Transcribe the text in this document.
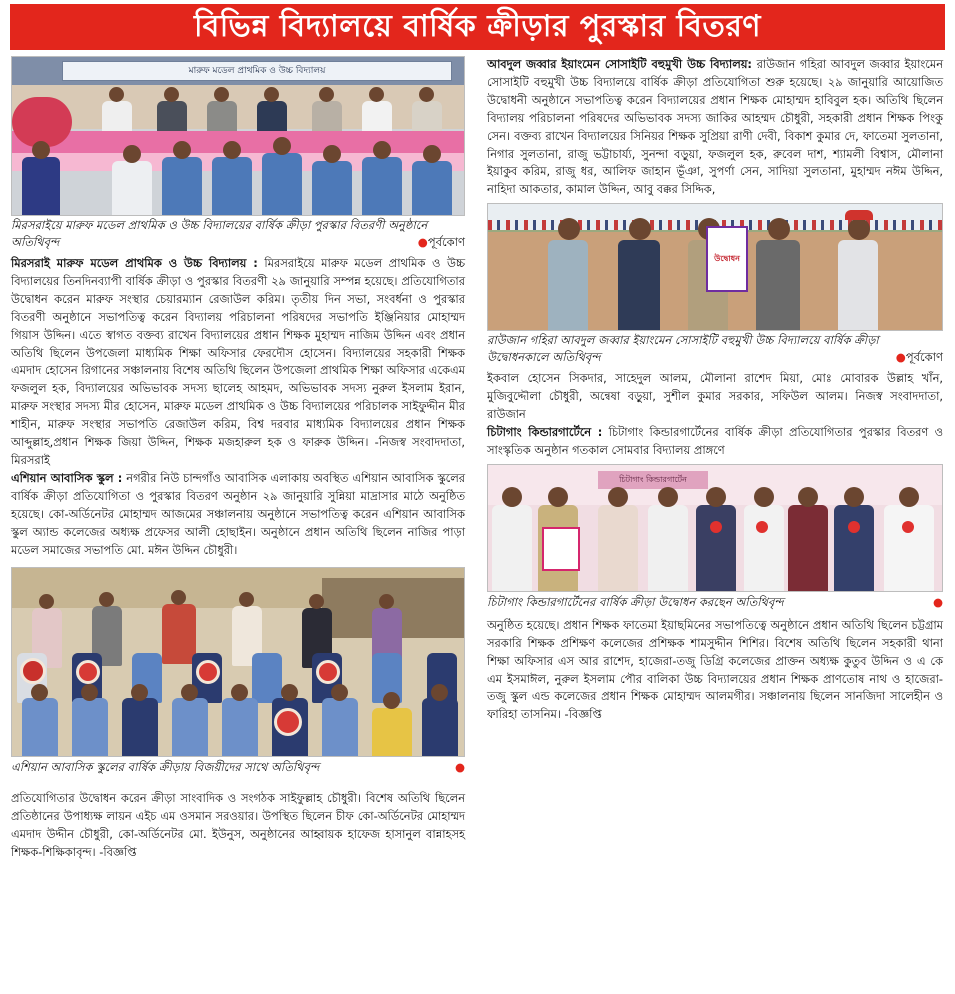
বিভিন্ন বিদ্যালয়ে বার্ষিক ক্রীড়ার পুরস্কার বিতরণ
মারুফ মডেল প্রাথমিক ও উচ্চ বিদ্যালয়
মিরসরাইয়ে মারুফ মডেল প্রাথমিক ও উচ্চ বিদ্যালয়ের বার্ষিক ক্রীড়া পুরস্কার বিতরণী অনুষ্ঠানে অতিথিবৃন্দ	●পূর্বকোণ
মিরসরাই মারুফ মডেল প্রাথমিক ও উচ্চ বিদ্যালয় : মিরসরাইয়ে মারুফ মডেল প্রাথমিক ও উচ্চ বিদ্যালয়ের তিনদিনব্যাপী বার্ষিক ক্রীড়া ও পুরস্কার বিতরণী ২৯ জানুয়ারি সম্পন্ন হয়েছে। প্রতিযোগিতার উদ্বোধন করেন মারুফ সংস্থার চেয়ারম্যান রেজাউল করিম। তৃতীয় দিন সভা, সংবর্ধনা ও পুরস্কার বিতরণী অনুষ্ঠানে সভাপতিত্ব করেন বিদ্যালয় পরিচালনা পরিষদের সভাপতি ইঞ্জিনিয়ার মোহাম্মদ গিয়াস উদ্দিন। এতে স্বাগত বক্তব্য রাখেন বিদ্যালয়ের প্রধান শিক্ষক মুহাম্মদ নাজিম উদ্দিন এবং প্রধান অতিথি ছিলেন উপজেলা মাধ্যমিক শিক্ষা অফিসার ফেরদৌস হোসেন। বিদ্যালয়ের সহকারী শিক্ষক এমদাদ হোসেন রিগানের সঞ্চালনায় বিশেষ অতিথি ছিলেন উপজেলা প্রাথমিক শিক্ষা অফিসার একেএম ফজলুল হক, বিদ্যালয়ের অভিভাবক সদস্য ছালেহ আহমদ, অভিভাবক সদস্য নুরুল ইসলাম ইরান, মারুফ সংস্থার সদস্য মীর হোসেন, মারুফ মডেল প্রাথমিক ও উচ্চ বিদ্যালয়ের পরিচালক সাইফুদ্দীন মীর শাহীন, মারুফ সংস্থার সভাপতি রেজাউল করিম, বিশ্ব দরবার মাধ্যমিক বিদ্যালয়ের প্রধান শিক্ষক আব্দুল্লাহ,প্রধান শিক্ষক জিয়া উদ্দিন, শিক্ষক মজহারুল হক ও ফারুক উদ্দিন। -নিজস্ব সংবাদদাতা, মিরসরাই
এশিয়ান আবাসিক স্কুল : নগরীর নিউ চান্দগাঁও আবাসিক এলাকায় অবস্থিত এশিয়ান আবাসিক স্কুলের বার্ষিক ক্রীড়া প্রতিযোগিতা ও পুরস্কার বিতরণ অনুষ্ঠান ২৯ জানুয়ারি সুন্নিয়া মাদ্রাসার মাঠে অনুষ্ঠিত হয়েছে। কো-অর্ডিনেটর মোহাম্মদ আজমের সঞ্চালনায় অনুষ্ঠানে সভাপতিত্ব করেন এশিয়ান আবাসিক স্কুল অ্যান্ড কলেজের অধ্যক্ষ প্রফেসর আলী হোছাইন। অনুষ্ঠানে প্রধান অতিথি ছিলেন নাজির পাড়া মডেল সমাজের সভাপতি মো. মঈন উদ্দিন চৌধুরী।
এশিয়ান আবাসিক স্কুলের বার্ষিক ক্রীড়ায় বিজয়ীদের সাথে অতিথিবৃন্দ	●
প্রতিযোগিতার উদ্বোধন করেন ক্রীড়া সাংবাদিক ও সংগঠক সাইফুল্লাহ চৌধুরী। বিশেষ অতিথি ছিলেন প্রতিষ্ঠানের উপাধ্যক্ষ লায়ন এইচ এম ওসমান সরওয়ার। উপস্থিত ছিলেন চীফ কো-অর্ডিনেটর মোহাম্মদ এমদাদ উদ্দীন চৌধুরী, কো-অর্ডিনেটর মো. ইউনুস, অনুষ্ঠানের আহ্বায়ক হাফেজ হাসানুল বান্নাহসহ শিক্ষক-শিক্ষিকাবৃন্দ। -বিজ্ঞপ্তি
আবদুল জব্বার ইয়াংমেন সোসাইটি বহুমুখী উচ্চ বিদ্যালয়: রাউজান গহিরা আবদুল জব্বার ইয়াংমেন সোসাইটি বহুমুখী উচ্চ বিদ্যালয়ে বার্ষিক ক্রীড়া প্রতিযোগিতা শুরু হয়েছে। ২৯ জানুয়ারি আয়োজিত উদ্বোধনী অনুষ্ঠানে সভাপতিত্ব করেন বিদ্যালয়ের প্রধান শিক্ষক মোহাম্মদ হাবিবুল হক। অতিথি ছিলেন বিদ্যালয় পরিচালনা পরিষদের অভিভাবক সদস্য জাকির আহম্মদ চৌধুরী, সহকারী প্রধান শিক্ষক পিংকু সেন। বক্তব্য রাখেন বিদ্যালয়ের সিনিয়র শিক্ষক সুপ্রিয়া রাণী দেবী, বিকাশ কুমার দে, ফাতেমা সুলতানা, নিগার সুলতানা, রাজু ভট্টাচার্য্য, সুনন্দা বড়ুয়া, ফজলুল হক, রুবেল দাশ, শ্যামলী বিশ্বাস, মৌলানা ইয়াকুব করিম, রাজু ধর, আলিফ জাহান ভূঁঞা, সুপর্ণা সেন, সাদিয়া সুলতানা, মুহাম্মদ নঈম উদ্দিন, নাহিদা আকতার, কামাল উদ্দিন, আবু বক্কর সিদ্দিক,
উদ্বোধন
রাউজান গহিরা আবদুল জব্বার ইয়াংমেন সোসাইটি বহুমুখী উচ্চ বিদ্যালয়ে বার্ষিক ক্রীড়া উদ্বোধনকালে অতিথিবৃন্দ	●পূর্বকোণ
ইকবাল হোসেন সিকদার, সাহেদুল আলম, মৌলানা রাশেদ মিয়া, মোঃ মোবারক উল্লাহ খাঁন, মুজিবুদ্দৌলা চৌধুরী, অন্বেষা বড়ুয়া, সুশীল কুমার সরকার, সফিউল আলম। নিজস্ব সংবাদদাতা, রাউজান
চিটাগাং কিন্ডারগার্টেনে : চিটাগাং কিন্ডারগার্টেনের বার্ষিক ক্রীড়া প্রতিযোগিতার পুরস্কার বিতরণ ও সাংস্কৃতিক অনুষ্ঠান গতকাল সোমবার বিদ্যালয় প্রাঙ্গণে
চিটাগাং কিন্ডারগার্টেন
চিটাগাং কিন্ডারগার্টেনের বার্ষিক ক্রীড়া উদ্বোধন করছেন অতিথিবৃন্দ	●
অনুষ্ঠিত হয়েছে। প্রধান শিক্ষক ফাতেমা ইয়াছমিনের সভাপতিত্বে অনুষ্ঠানে প্রধান অতিথি ছিলেন চট্টগ্রাম সরকারি শিক্ষক প্রশিক্ষণ কলেজের প্রশিক্ষক শামসুদ্দীন শিশির। বিশেষ অতিথি ছিলেন সহকারী থানা শিক্ষা অফিসার এস আর রাশেদ, হাজেরা-তজু ডিগ্রি কলেজের প্রাক্তন অধ্যক্ষ কুতুব উদ্দিন ও এ কে এম ইসমাঈল, নুরুল ইসলাম পৌর বালিকা উচ্চ বিদ্যালয়ের প্রধান শিক্ষক প্রাণতোষ নাথ ও হাজেরা-তজু স্কুল এন্ড কলেজের প্রধান শিক্ষক মোহাম্মদ আলমগীর। সঞ্চালনায় ছিলেন সানজিদা সালেহীন ও ফারিহা তাসনিম। -বিজ্ঞপ্তি
